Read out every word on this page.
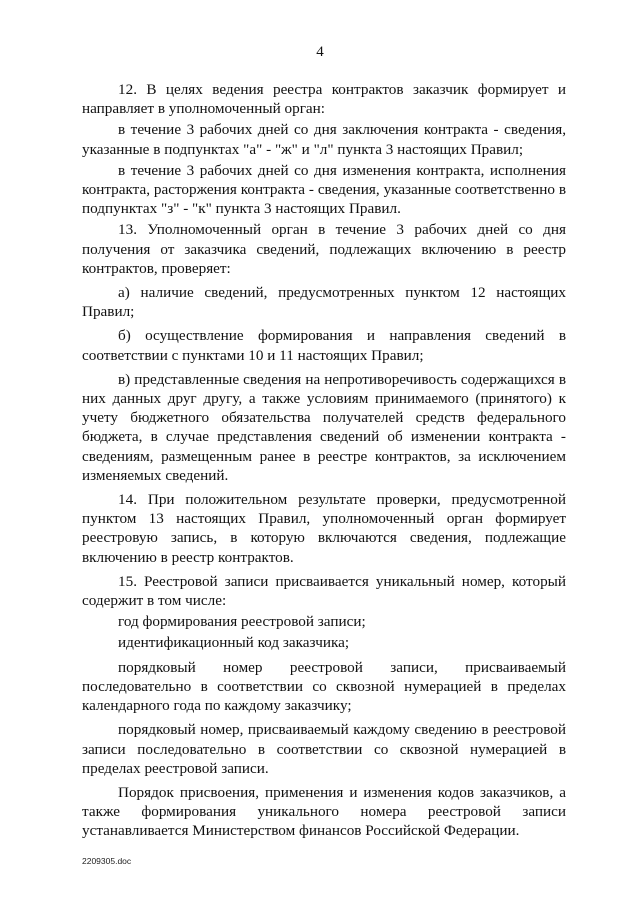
4

12. В целях ведения реестра контрактов заказчик формирует и направляет в уполномоченный орган:

в течение 3 рабочих дней со дня заключения контракта - сведения, указанные в подпунктах "а" - "ж" и "л" пункта 3 настоящих Правил;

в течение 3 рабочих дней со дня изменения контракта, исполнения контракта, расторжения контракта - сведения, указанные соответственно в подпунктах "з" - "к" пункта 3 настоящих Правил.

13. Уполномоченный орган в течение 3 рабочих дней со дня получения от заказчика сведений, подлежащих включению в реестр контрактов, проверяет:

а) наличие сведений, предусмотренных пунктом 12 настоящих Правил;

б) осуществление формирования и направления сведений в соответствии с пунктами 10 и 11 настоящих Правил;

в) представленные сведения на непротиворечивость содержащихся в них данных друг другу, а также условиям принимаемого (принятого) к учету бюджетного обязательства получателей средств федерального бюджета, в случае представления сведений об изменении контракта - сведениям, размещенным ранее в реестре контрактов, за исключением изменяемых сведений.

14. При положительном результате проверки, предусмотренной пунктом 13 настоящих Правил, уполномоченный орган формирует реестровую запись, в которую включаются сведения, подлежащие включению в реестр контрактов.

15. Реестровой записи присваивается уникальный номер, который содержит в том числе:

год формирования реестровой записи;

идентификационный код заказчика;

порядковый номер реестровой записи, присваиваемый последовательно в соответствии со сквозной нумерацией в пределах календарного года по каждому заказчику;

порядковый номер, присваиваемый каждому сведению в реестровой записи последовательно в соответствии со сквозной нумерацией в пределах реестровой записи.

Порядок присвоения, применения и изменения кодов заказчиков, а также формирования уникального номера реестровой записи устанавливается Министерством финансов Российской Федерации.

2209305.doc
